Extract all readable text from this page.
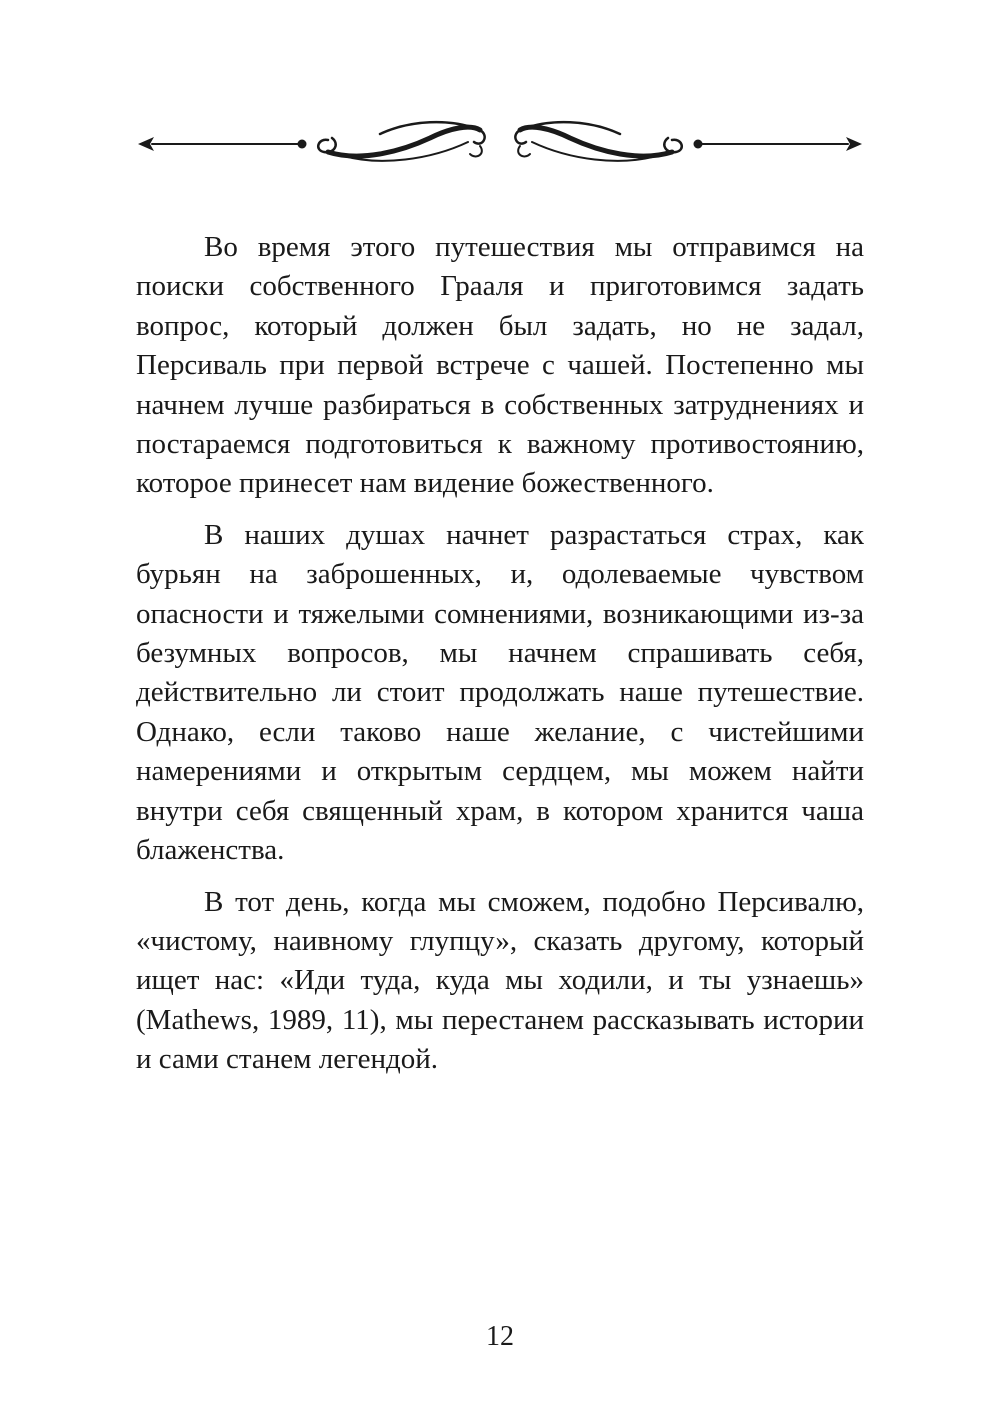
Во время этого путешествия мы отправимся на поиски собственного Грааля и приготовимся задать вопрос, который должен был задать, но не задал, Персиваль при первой встрече с чашей. Постепенно мы начнем лучше разбираться в собственных затруднениях и постараемся подготовиться к важному противостоянию, которое принесет нам видение божественного.

В наших душах начнет разрастаться страх, как бурьян на заброшенных, и, одолеваемые чувством опасности и тяжелыми сомнениями, возникающими из-за безумных вопросов, мы начнем спрашивать себя, действительно ли стоит продолжать наше путешествие. Однако, если таково наше желание, с чистейшими намерениями и открытым сердцем, мы можем найти внутри себя священный храм, в котором хранится чаша блаженства.

В тот день, когда мы сможем, подобно Персивалю, «чистому, наивному глупцу», сказать другому, который ищет нас: «Иди туда, куда мы ходили, и ты узнаешь» (Mathews, 1989, 11), мы перестанем рассказывать истории и сами станем легендой.

12
